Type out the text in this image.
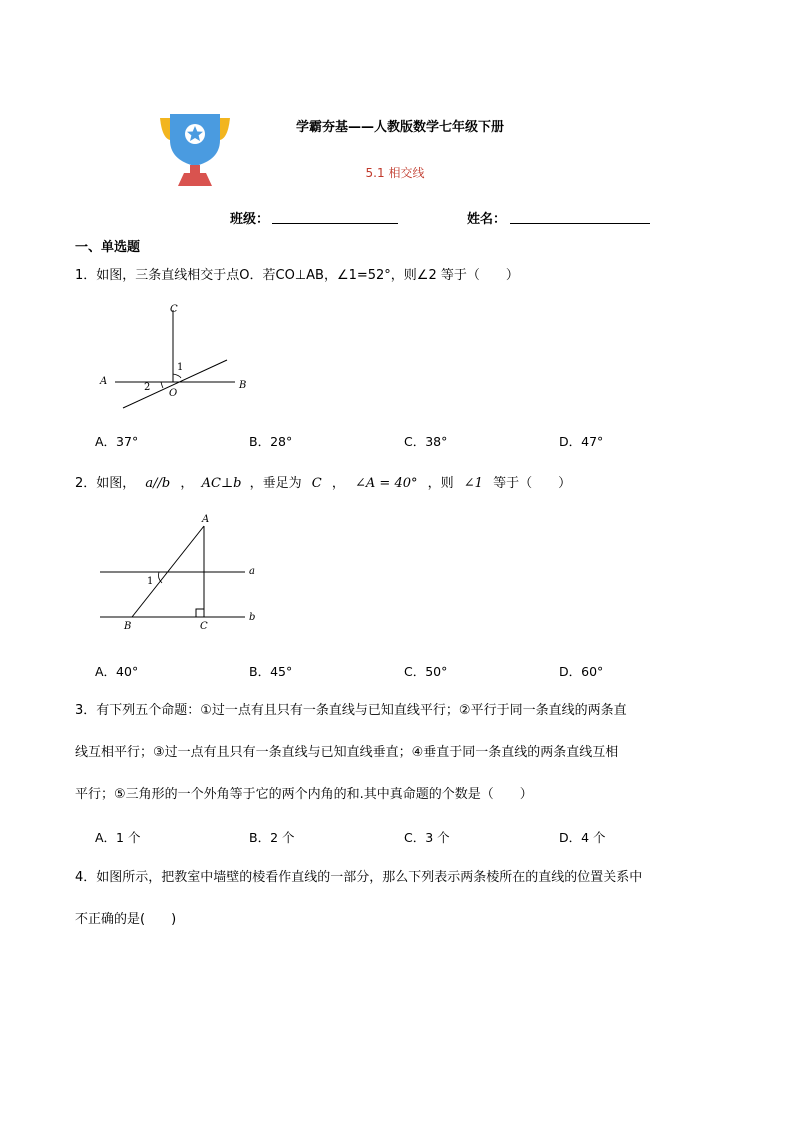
学霸夯基——人教版数学七年级下册
5.1 相交线
班级：	姓名：
一、单选题
1．如图，三条直线相交于点O．若CO⊥AB，∠1=52°，则∠2 等于（　　）
C
A	B
O
1
2
A．37°	B．28°	C．38°	D．47°
2．如图， a//b ， AC⊥b ，垂足为 C ， ∠A = 40° ，则 ∠1 等于（　　）
A
a
b
B	C
1
A．40°	B．45°	C．50°	D．60°
3．有下列五个命题：①过一点有且只有一条直线与已知直线平行；②平行于同一条直线的两条直
线互相平行；③过一点有且只有一条直线与已知直线垂直；④垂直于同一条直线的两条直线互相
平行；⑤三角形的一个外角等于它的两个内角的和.其中真命题的个数是（　　）
A．1 个	B．2 个	C．3 个	D．4 个
4．如图所示，把教室中墙壁的棱看作直线的一部分，那么下列表示两条棱所在的直线的位置关系中
不正确的是(　　)
